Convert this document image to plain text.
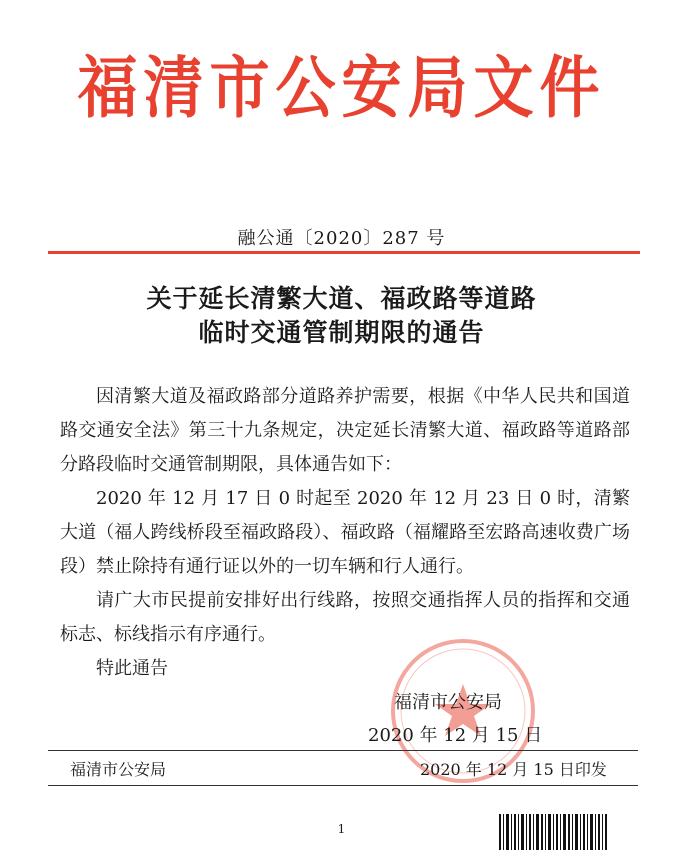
福清市公安局文件
融公通〔2020〕287 号
关于延长清繁大道、福政路等道路
临时交通管制期限的通告

因清繁大道及福政路部分道路养护需要，根据《中华人民共和国道路交通安全法》第三十九条规定，决定延长清繁大道、福政路等道路部分路段临时交通管制期限，具体通告如下：

2020 年 12 月 17 日 0 时起至 2020 年 12 月 23 日 0 时，清繁大道（福人跨线桥段至福政路段）、福政路（福耀路至宏路高速收费广场段）禁止除持有通行证以外的一切车辆和行人通行。

请广大市民提前安排好出行线路，按照交通指挥人员的指挥和交通标志、标线指示有序通行。

特此通告

福清市公安局
2020 年 12 月 15 日
福清市公安局	2020 年 12 月 15 日印发
1
